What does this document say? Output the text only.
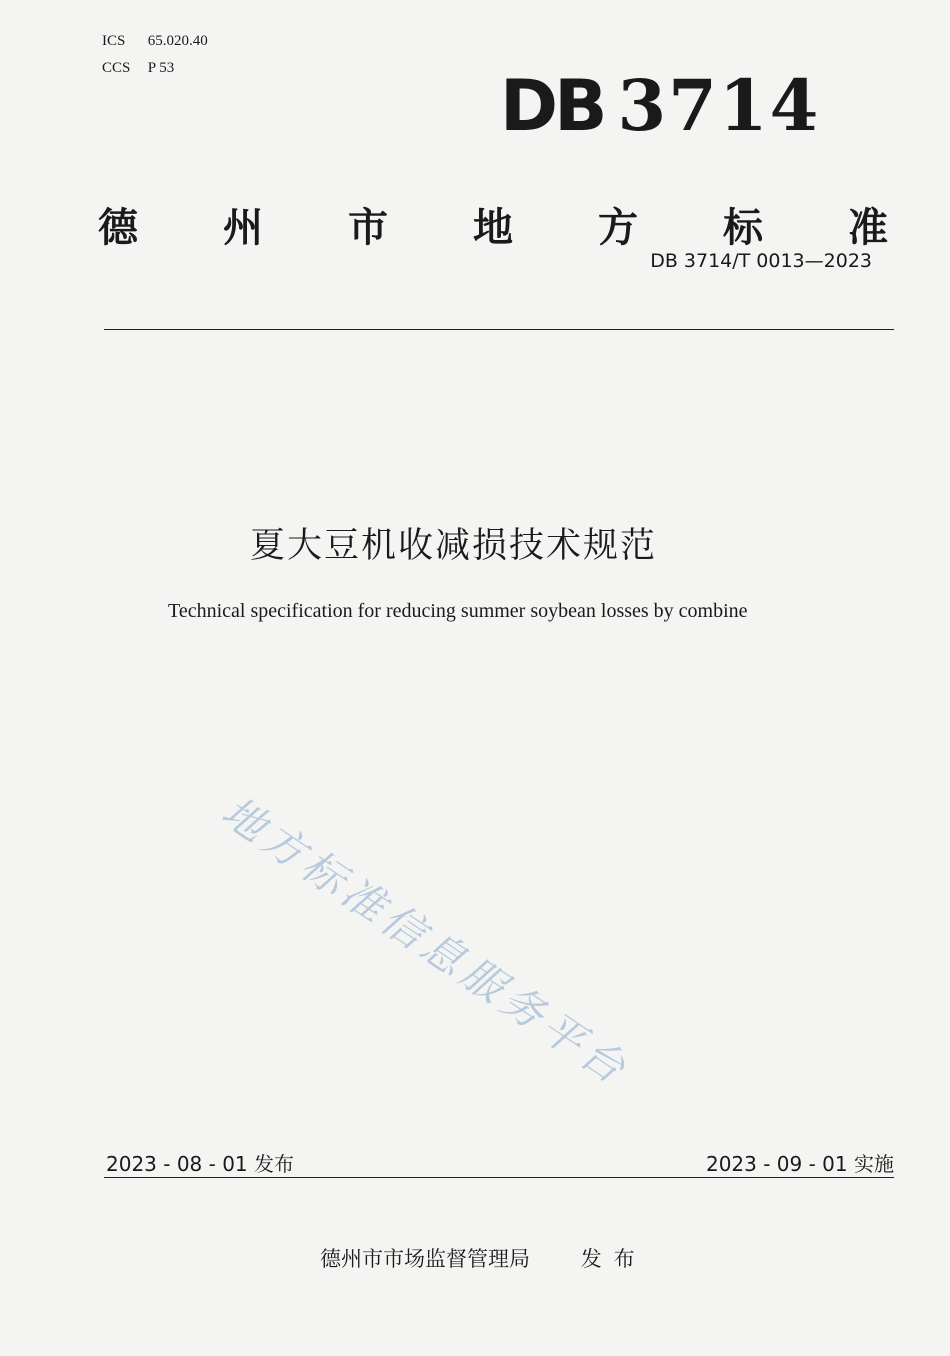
ICS 65.020.40
CCS P 53	DB 3714
德 州 市 地 方 标 准
DB 3714/T 0013—2023
夏大豆机收减损技术规范
Technical specification for reducing summer soybean losses by combine
地方标准信息服务平台
2023 - 08 - 01 发布	2023 - 09 - 01 实施
德州市市场监督管理局 发布
